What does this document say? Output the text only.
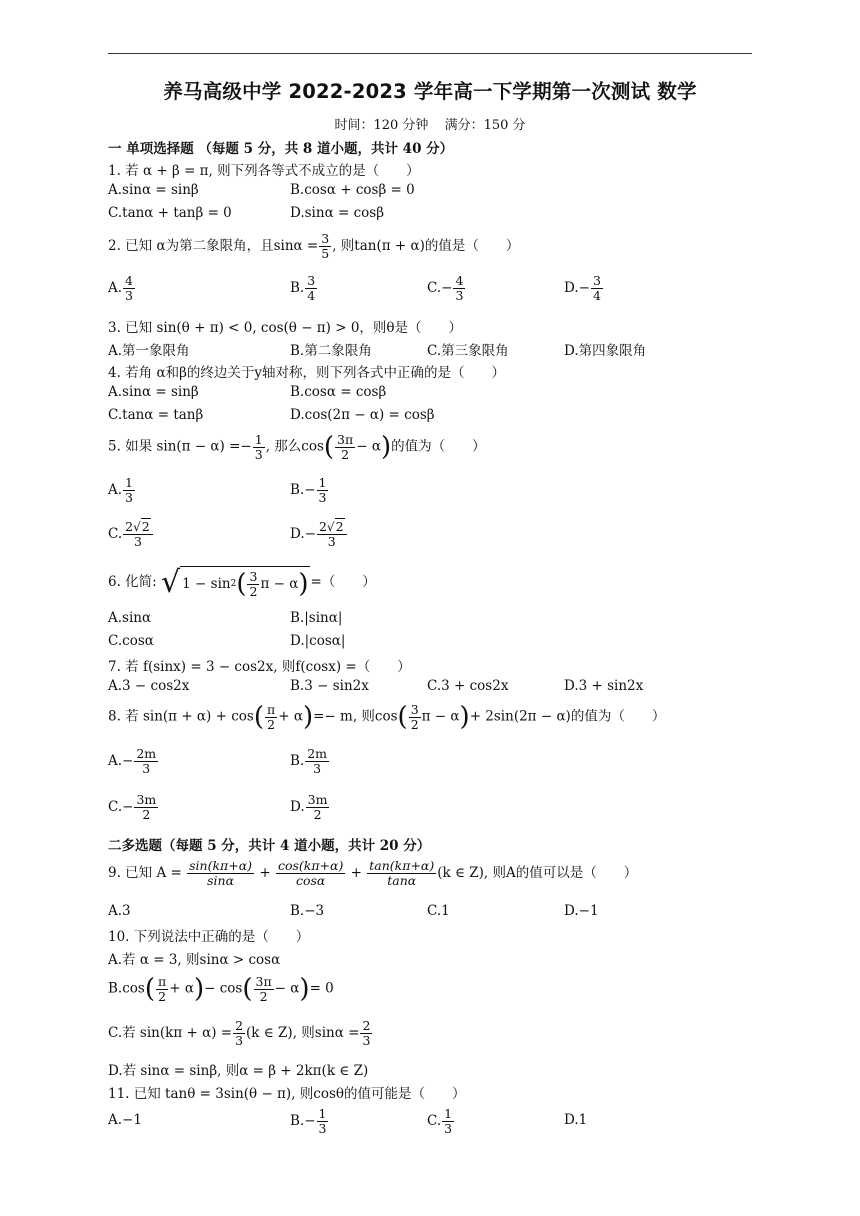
养马高级中学 2022-2023 学年高一下学期第一次测试 数学
时间：120 分钟 满分：150 分
一 单项选择题 （每题 5 分，共 8 道小题，共计 40 分）
1. 若 α + β = π, 则下列各等式不成立的是（　　）
A.sinα = sinβ	B.cosα + cosβ = 0
C.tanα + tanβ = 0	D.sinα = cosβ
2. 已知 α为第二象限角，且$\sin\alpha = \frac{3}{5}$ , 则tan(π + α)的值是（　　）
A. $\frac{4}{3}$	B. $\frac{3}{4}$	$C.- \frac{4}{3}$	$D.- \frac{3}{4}$
3. 已知 sin(θ + π) < 0, cos(θ − π) > 0，则θ是（　　）
A.第一象限角	B.第二象限角	C.第三象限角	D.第四象限角
4. 若角 α和β的终边关于y轴对称，则下列各式中正确的是（　　）
A.sinα = sinβ	B.cosα = cosβ
C.tanα = tanβ	D.cos(2π − α) = cosβ
5. 如果 $\sin(\pi - \alpha) =- \frac{1}{3}$ , 那么$\cos( \frac{3\pi}{2} - \alpha)$的值为（　　）
A. $\frac{1}{3}$	$B.- \frac{1}{3}$
C. $\frac{2√2}{3}$	$D.- \frac{2√2}{3}$
6. 化简: √ 1 − sin 2 ( 3
2 π − α ) =（　　）
A.sinα	B.|sinα|
C.cosα	D.|cosα|
7. 若 f(sinx) = 3 − cos2x, 则f(cosx) =（　　）
A.3 − cos2x	B.3 − sin2x	C.3 + cos2x	D.3 + sin2x
8. 若 $\sin(\pi + \alpha) + \cos( \frac{\pi}{2} + \alpha)=- m$, 则$\cos( \frac{3}{2}$ π − α)+ 2sin(2π − α)的值为（　　）
$A.- \frac{2m}{3}$	B. $\frac{2m}{3}$
$C.- \frac{3m}{2}$	D. $\frac{3m}{2}$
二多选题（每题 5 分，共计 4 道小题，共计 20 分）
9. 已知 $A = \frac{\sin(k\pi+\alpha)}{\sin\alpha} + \frac{\cos(k\pi+\alpha)}{\cos\alpha} + \frac{\tan(k\pi+\alpha)}{\tan\alpha} (k$ ∈ Z), 则A的值可以是（　　）
A.3	B.−3	C.1	D.−1
10. 下列说法中正确的是（　　）
A.若 α = 3, 则sinα > cosα
$B.\cos( \frac{\pi}{2} + \alpha)- \cos( \frac{3\pi}{2} - \alpha)= 0$
C.若 $\sin(k\pi + \alpha) = \frac{2}{3} (k$ ∈ Z), 则$\sin\alpha = \frac{2}{3}$
D.若 sinα = sinβ, 则α = β + 2kπ(k ∈ Z)
11. 已知 tanθ = 3sin(θ − π), 则cosθ的值可能是（　　）
A.−1	$B.- \frac{1}{3}$	C. $\frac{1}{3}$	D.1
